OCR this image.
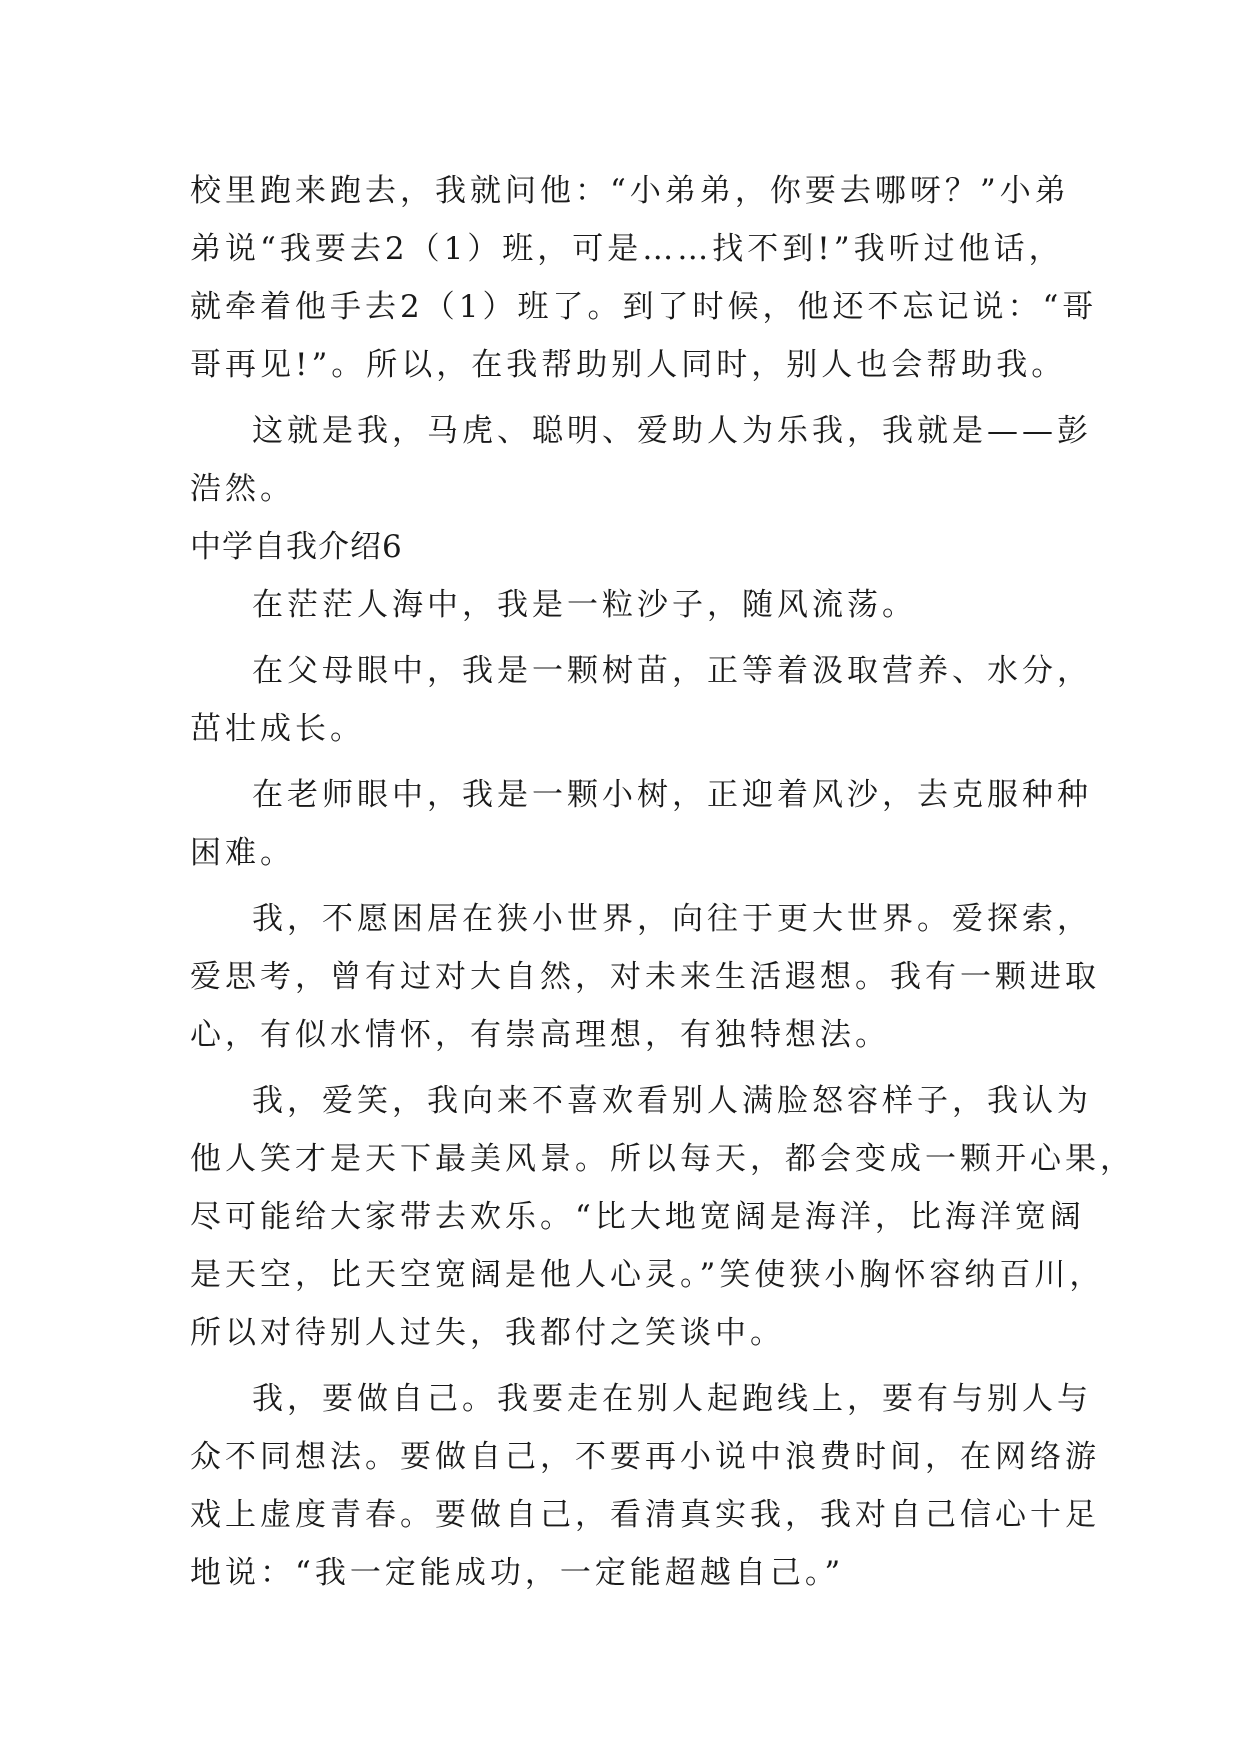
校里跑来跑去，我就问他：“小弟弟，你要去哪呀？”小弟
弟说“我要去2（1）班，可是……找不到!”我听过他话，
就牵着他手去2（1）班了。到了时候，他还不忘记说：“哥
哥再见!”。所以，在我帮助别人同时，别人也会帮助我。
这就是我，马虎、聪明、爱助人为乐我，我就是——彭
浩然。
中学自我介绍6
在茫茫人海中，我是一粒沙子，随风流荡。
在父母眼中，我是一颗树苗，正等着汲取营养、水分，
茁壮成长。
在老师眼中，我是一颗小树，正迎着风沙，去克服种种
困难。
我，不愿困居在狭小世界，向往于更大世界。爱探索，
爱思考，曾有过对大自然，对未来生活遐想。我有一颗进取
心，有似水情怀，有崇高理想，有独特想法。
我，爱笑，我向来不喜欢看别人满脸怒容样子，我认为
他人笑才是天下最美风景。所以每天，都会变成一颗开心果，
尽可能给大家带去欢乐。“比大地宽阔是海洋，比海洋宽阔
是天空，比天空宽阔是他人心灵。”笑使狭小胸怀容纳百川，
所以对待别人过失，我都付之笑谈中。
我，要做自己。我要走在别人起跑线上，要有与别人与
众不同想法。要做自己，不要再小说中浪费时间，在网络游
戏上虚度青春。要做自己，看清真实我，我对自己信心十足
地说：“我一定能成功，一定能超越自己。”
